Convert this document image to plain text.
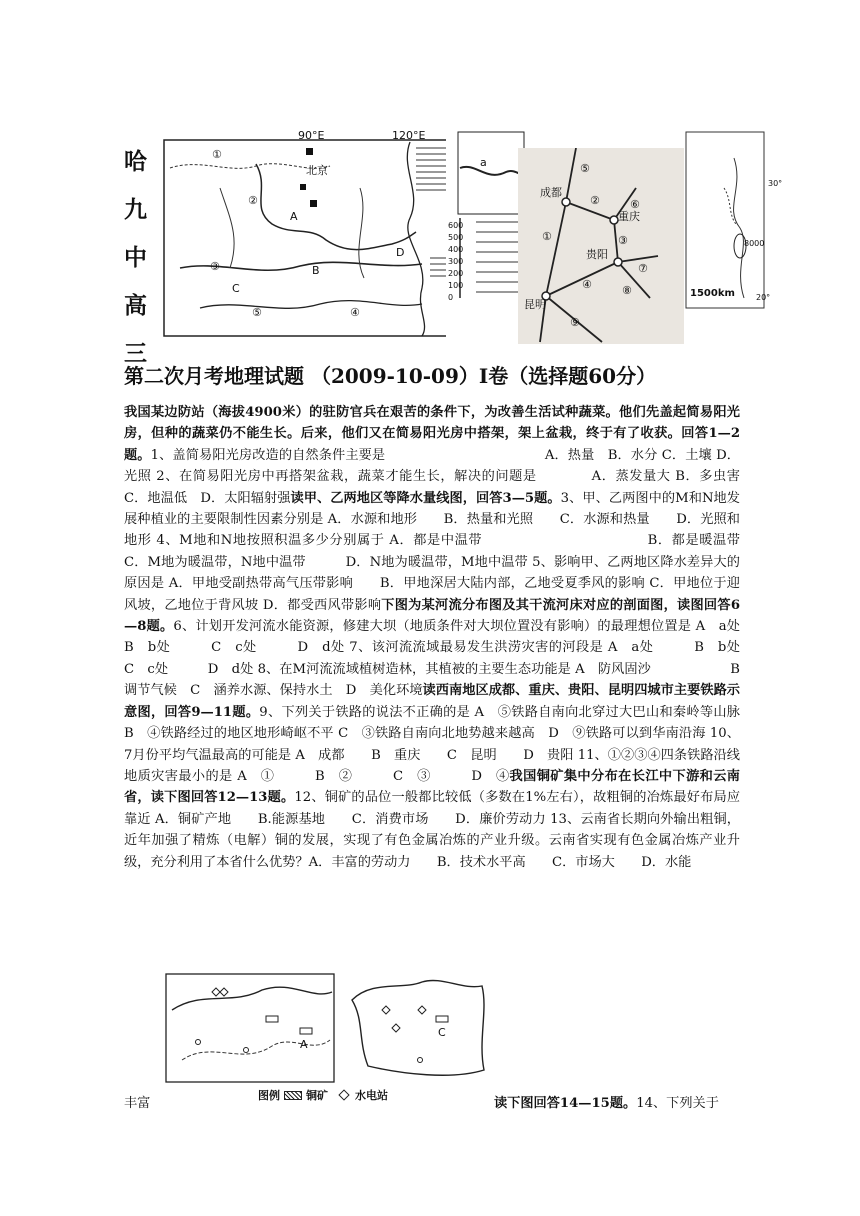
哈
九
中
高
三
90°E	120°E
北京
①
②
③
④
⑤
A
B
C
D
a
600
500
400
300
200
100
0
成都
重庆
贵阳
昆明
①
②
③
④
⑤
⑥
⑦
⑧
⑨
30°
20°
8000
1500km
第二次月考地理试题 （2009-10-09）Ⅰ卷（选择题60分）
我国某边防站（海拔4900米）的驻防官兵在艰苦的条件下，为改善生活试种蔬菜。他们先盖起简易阳光房，但种的蔬菜仍不能生长。后来，他们又在简易阳光房中搭架，架上盆栽，终于有了收获。回答1—2题。1、盖简易阳光房改造的自然条件主要是　　　　　　　　　　　　A．热量　B．水分 C．土壤 D．光照 2、在简易阳光房中再搭架盆栽，蔬菜才能生长，解决的问题是　　　　A．蒸发量大 B．多虫害　C．地温低　D．太阳辐射强读甲、乙两地区等降水量线图，回答3—5题。3、甲、乙两图中的M和N地发展种植业的主要限制性因素分别是 A．水源和地形　　B．热量和光照　　C．水源和热量　　D．光照和地形 4、M地和N地按照积温多少分别属于 A．都是中温带　　　　　　　　　　　　B．都是暖温带　　C．M地为暖温带，N地中温带　　　D．N地为暖温带，M地中温带 5、影响甲、乙两地区降水差异大的原因是 A．甲地受副热带高气压带影响　　B．甲地深居大陆内部，乙地受夏季风的影响 C．甲地位于迎风坡，乙地位于背风坡 D．都受西风带影响下图为某河流分布图及其干流河床对应的剖面图，读图回答6—8题。6、计划开发河流水能资源，修建大坝（地质条件对大坝位置没有影响）的最理想位置是 A　a处　　　B　b处　　　C　c处　　　D　d处 7、该河流流域最易发生洪涝灾害的河段是 A　a处　　　B　b处　　　C　c处　　　D　d处 8、在M河流流域植树造林，其植被的主要生态功能是 A　防风固沙　　　　　　B　调节气候　C　涵养水源、保持水土　D　美化环境读西南地区成都、重庆、贵阳、昆明四城市主要铁路示意图，回答9—11题。9、下列关于铁路的说法不正确的是 A　⑤铁路自南向北穿过大巴山和秦岭等山脉　　　B　④铁路经过的地区地形崎岖不平 C　③铁路自南向北地势越来越高　D　⑨铁路可以到华南沿海 10、7月份平均气温最高的可能是 A　成都　　B　重庆　　C　昆明　　D　贵阳 11、①②③④四条铁路沿线地质灾害最小的是 A　①　　　B　②　　　C　③　　　D　④我国铜矿集中分布在长江中下游和云南省，读下图回答12—13题。12、铜矿的品位一般都比较低（多数在1%左右），故粗铜的冶炼最好布局应靠近 A．铜矿产地　　B.能源基地　　C．消费市场　　D．廉价劳动力 13、云南省长期向外输出粗铜，近年加强了精炼（电解）铜的发展，实现了有色金属冶炼的产业升级。云南省实现有色金属冶炼产业升级，充分利用了本省什么优势？A．丰富的劳动力　　B．技术水平高　　C．市场大　　D．水能
A
C
图例 铜矿 水电站
丰富	读下图回答14—15题。14、下列关于
